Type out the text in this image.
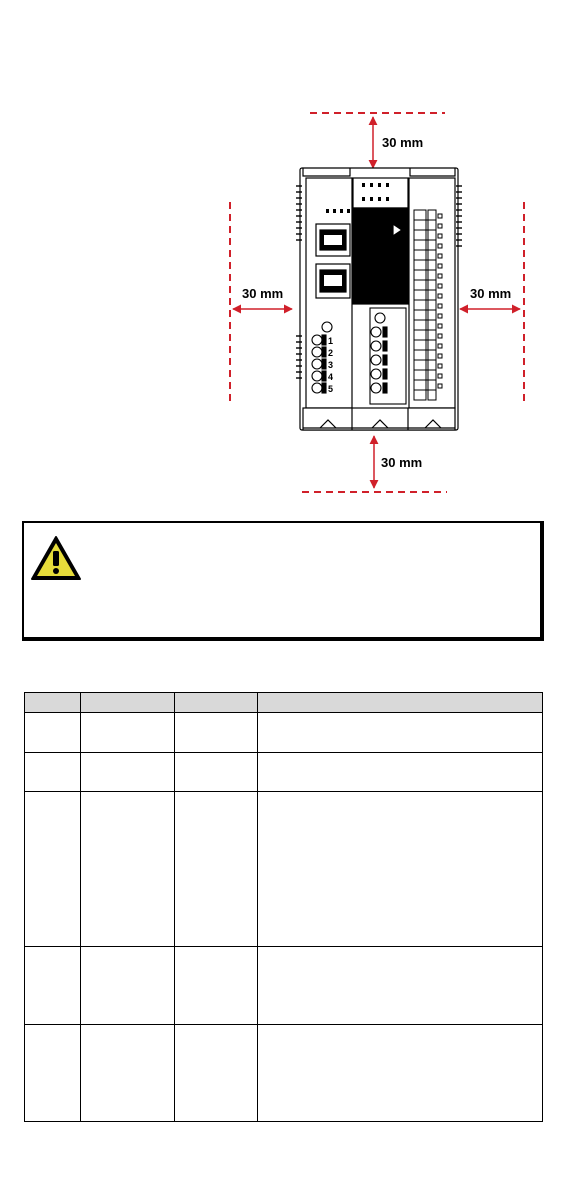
30 mm
30 mm	30 mm
30 mm
1
2
3
4
5
